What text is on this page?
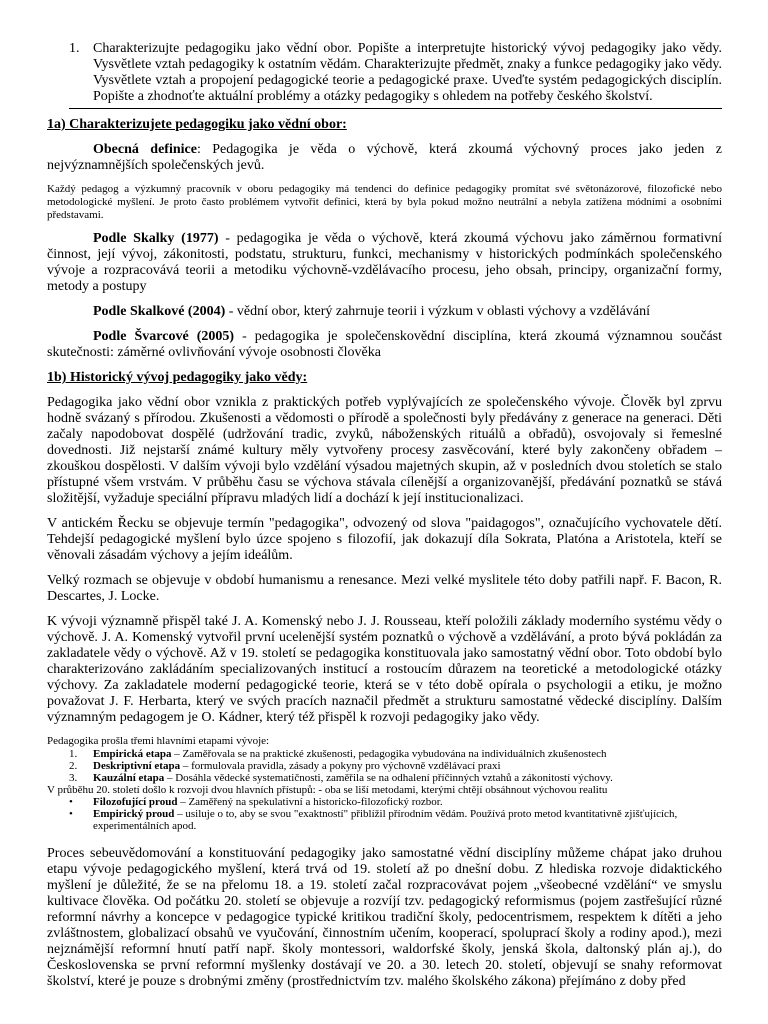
1. Charakterizujte pedagogiku jako vědní obor. Popište a interpretujte historický vývoj pedagogiky jako vědy. Vysvětlete vztah pedagogiky k ostatním vědám. Charakterizujte předmět, znaky a funkce pedagogiky jako vědy. Vysvětlete vztah a propojení pedagogické teorie a pedagogické praxe. Uveďte systém pedagogických disciplín. Popište a zhodnoťte aktuální problémy a otázky pedagogiky s ohledem na potřeby českého školství.
1a) Charakterizujete pedagogiku jako vědní obor:

Obecná definice: Pedagogika je věda o výchově, která zkoumá výchovný proces jako jeden z nejvýznamnějších společenských jevů.

Každý pedagog a výzkumný pracovník v oboru pedagogiky má tendenci do definice pedagogiky promítat své světonázorové, filozofické nebo metodologické myšlení. Je proto často problémem vytvořit definici, která by byla pokud možno neutrální a nebyla zatížena módními a osobními představami.

Podle Skalky (1977) - pedagogika je věda o výchově, která zkoumá výchovu jako záměrnou formativní činnost, její vývoj, zákonitosti, podstatu, strukturu, funkci, mechanismy v historických podmínkách společenského vývoje a rozpracovává teorii a metodiku výchovně-vzdělávacího procesu, jeho obsah, principy, organizační formy, metody a postupy

Podle Skalkové (2004) - vědní obor, který zahrnuje teorii i výzkum v oblasti výchovy a vzdělávání

Podle Švarcové (2005) - pedagogika je společenskovědní disciplína, která zkoumá významnou součást skutečnosti: záměrné ovlivňování vývoje osobnosti člověka

1b) Historický vývoj pedagogiky jako vědy:

Pedagogika jako vědní obor vznikla z praktických potřeb vyplývajících ze společenského vývoje. Člověk byl zprvu hodně svázaný s přírodou. Zkušenosti a vědomosti o přírodě a společnosti byly předávány z generace na generaci. Děti začaly napodobovat dospělé (udržování tradic, zvyků, náboženských rituálů a obřadů), osvojovaly si řemeslné dovednosti. Již nejstarší známé kultury měly vytvořeny procesy zasvěcování, které byly zakončeny obřadem – zkouškou dospělosti. V dalším vývoji bylo vzdělání výsadou majetných skupin, až v posledních dvou stoletích se stalo přístupné všem vrstvám. V průběhu času se výchova stávala cílenější a organizovanější, předávání poznatků se stává složitější, vyžaduje speciální přípravu mladých lidí a dochází k její institucionalizaci.

V antickém Řecku se objevuje termín "pedagogika", odvozený od slova "paidagogos", označujícího vychovatele dětí. Tehdejší pedagogické myšlení bylo úzce spojeno s filozofií, jak dokazují díla Sokrata, Platóna a Aristotela, kteří se věnovali zásadám výchovy a jejím ideálům.

Velký rozmach se objevuje v období humanismu a renesance. Mezi velké myslitele této doby patřili např. F. Bacon, R. Descartes, J. Locke.

K vývoji významně přispěl také J. A. Komenský nebo J. J. Rousseau, kteří položili základy moderního systému vědy o výchově. J. A. Komenský vytvořil první ucelenější systém poznatků o výchově a vzdělávání, a proto bývá pokládán za zakladatele vědy o výchově. Až v 19. století se pedagogika konstituovala jako samostatný vědní obor. Toto období bylo charakterizováno zakládáním specializovaných institucí a rostoucím důrazem na teoretické a metodologické otázky výchovy. Za zakladatele moderní pedagogické teorie, která se v této době opírala o psychologii a etiku, je možno považovat J. F. Herbarta, který ve svých pracích naznačil předmět a strukturu samostatné vědecké disciplíny. Dalším významným pedagogem je O. Kádner, který též přispěl k rozvoji pedagogiky jako vědy.

Pedagogika prošla třemi hlavními etapami vývoje:

1.	Empirická etapa – Zaměřovala se na praktické zkušenosti, pedagogika vybudována na individuálních zkušenostech
2.	Deskriptivní etapa – formulovala pravidla, zásady a pokyny pro výchovně vzdělávací praxi
3.	Kauzální etapa – Dosáhla vědecké systematičnosti, zaměřila se na odhalení příčinných vztahů a zákonitostí výchovy.

V průběhu 20. století došlo k rozvoji dvou hlavních přístupů: - oba se liší metodami, kterými chtějí obsáhnout výchovou realitu

•	Filozofující proud – Zaměřený na spekulativní a historicko-filozofický rozbor.
•	Empirický proud – usiluje o to, aby se svou "exaktností" přiblížil přírodním vědám. Používá proto metod kvantitativně zjišťujících, experimentálních apod.

Proces sebeuvědomování a konstituování pedagogiky jako samostatné vědní disciplíny můžeme chápat jako druhou etapu vývoje pedagogického myšlení, která trvá od 19. století až po dnešní dobu. Z hlediska rozvoje didaktického myšlení je důležité, že se na přelomu 18. a 19. století začal rozpracovávat pojem „všeobecné vzdělání“ ve smyslu kultivace člověka. Od počátku 20. století se objevuje a rozvíjí tzv. pedagogický reformismus (pojem zastřešující různé reformní návrhy a koncepce v pedagogice typické kritikou tradiční školy, pedocentrismem, respektem k dítěti a jeho zvláštnostem, globalizací obsahů ve vyučování, činnostním učením, kooperací, spoluprací školy a rodiny apod.), mezi nejznámější reformní hnutí patří např. školy montessori, waldorfské školy, jenská škola, daltonský plán aj.), do Československa se první reformní myšlenky dostávají ve 20. a 30. letech 20. století, objevují se snahy reformovat školství, které je pouze s drobnými změny (prostřednictvím tzv. malého školského zákona) přejímáno z doby před
